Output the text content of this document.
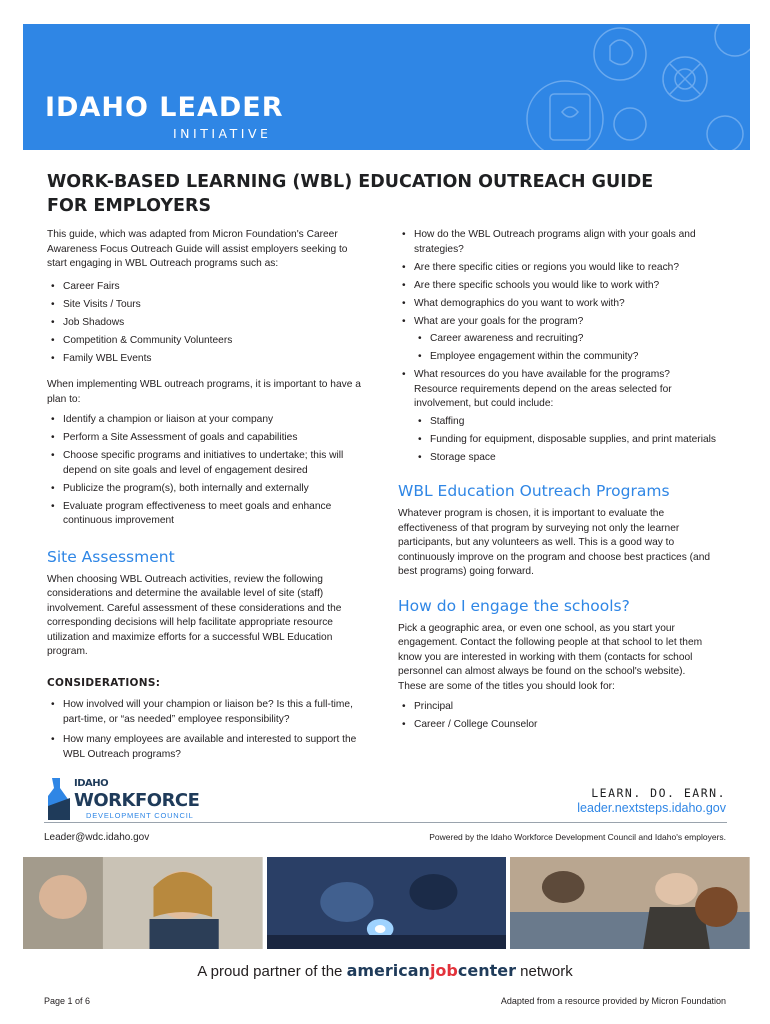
IDAHO LEADER
INITIATIVE
WORK-BASED LEARNING (WBL) EDUCATION OUTREACH GUIDE FOR EMPLOYERS

This guide, which was adapted from Micron Foundation's Career Awareness Focus Outreach Guide will assist employers seeking to start engaging in WBL Outreach programs such as:

• Career Fairs
• Site Visits / Tours
• Job Shadows
• Competition & Community Volunteers
• Family WBL Events

When implementing WBL outreach programs, it is important to have a plan to:

• Identify a champion or liaison at your company
• Perform a Site Assessment of goals and capabilities
• Choose specific programs and initiatives to undertake; this will depend on site goals and level of engagement desired
• Publicize the program(s), both internally and externally
• Evaluate program effectiveness to meet goals and enhance continuous improvement
Site Assessment

When choosing WBL Outreach activities, review the following considerations and determine the available level of site (staff) involvement. Careful assessment of these considerations and the corresponding decisions will help facilitate appropriate resource utilization and maximize efforts for a successful WBL Education program.

CONSIDERATIONS:
• How involved will your champion or liaison be? Is this a full-time, part-time, or “as needed” employee responsibility?
• How many employees are available and interested to support the WBL Outreach programs?
• How do the WBL Outreach programs align with your goals and strategies?
• Are there specific cities or regions you would like to reach?
• Are there specific schools you would like to work with?
• What demographics do you want to work with?
• What are your goals for the program?
• Career awareness and recruiting?
• Employee engagement within the community?
• What resources do you have available for the programs? Resource requirements depend on the areas selected for involvement, but could include:
• Staffing
• Funding for equipment, disposable supplies, and print materials
• Storage space
WBL Education Outreach Programs

Whatever program is chosen, it is important to evaluate the effectiveness of that program by surveying not only the learner participants, but any volunteers as well. This is a good way to continuously improve on the program and choose best practices (and best programs) going forward.

How do I engage the schools?

Pick a geographic area, or even one school, as you start your engagement. Contact the following people at that school to let them know you are interested in working with them (contacts for school personnel can almost always be found on the school's website). These are some of the titles you should look for:

• Principal
• Career / College Counselor
IDAHO
WORKFORCE
DEVELOPMENT COUNCIL
LEARN. DO. EARN.
leader.nextsteps.idaho.gov
Leader@wdc.idaho.gov	Powered by the Idaho Workforce Development Council and Idaho's employers.
A proud partner of the americanjobcenter network
Page 1 of 6	Adapted from a resource provided by Micron Foundation
